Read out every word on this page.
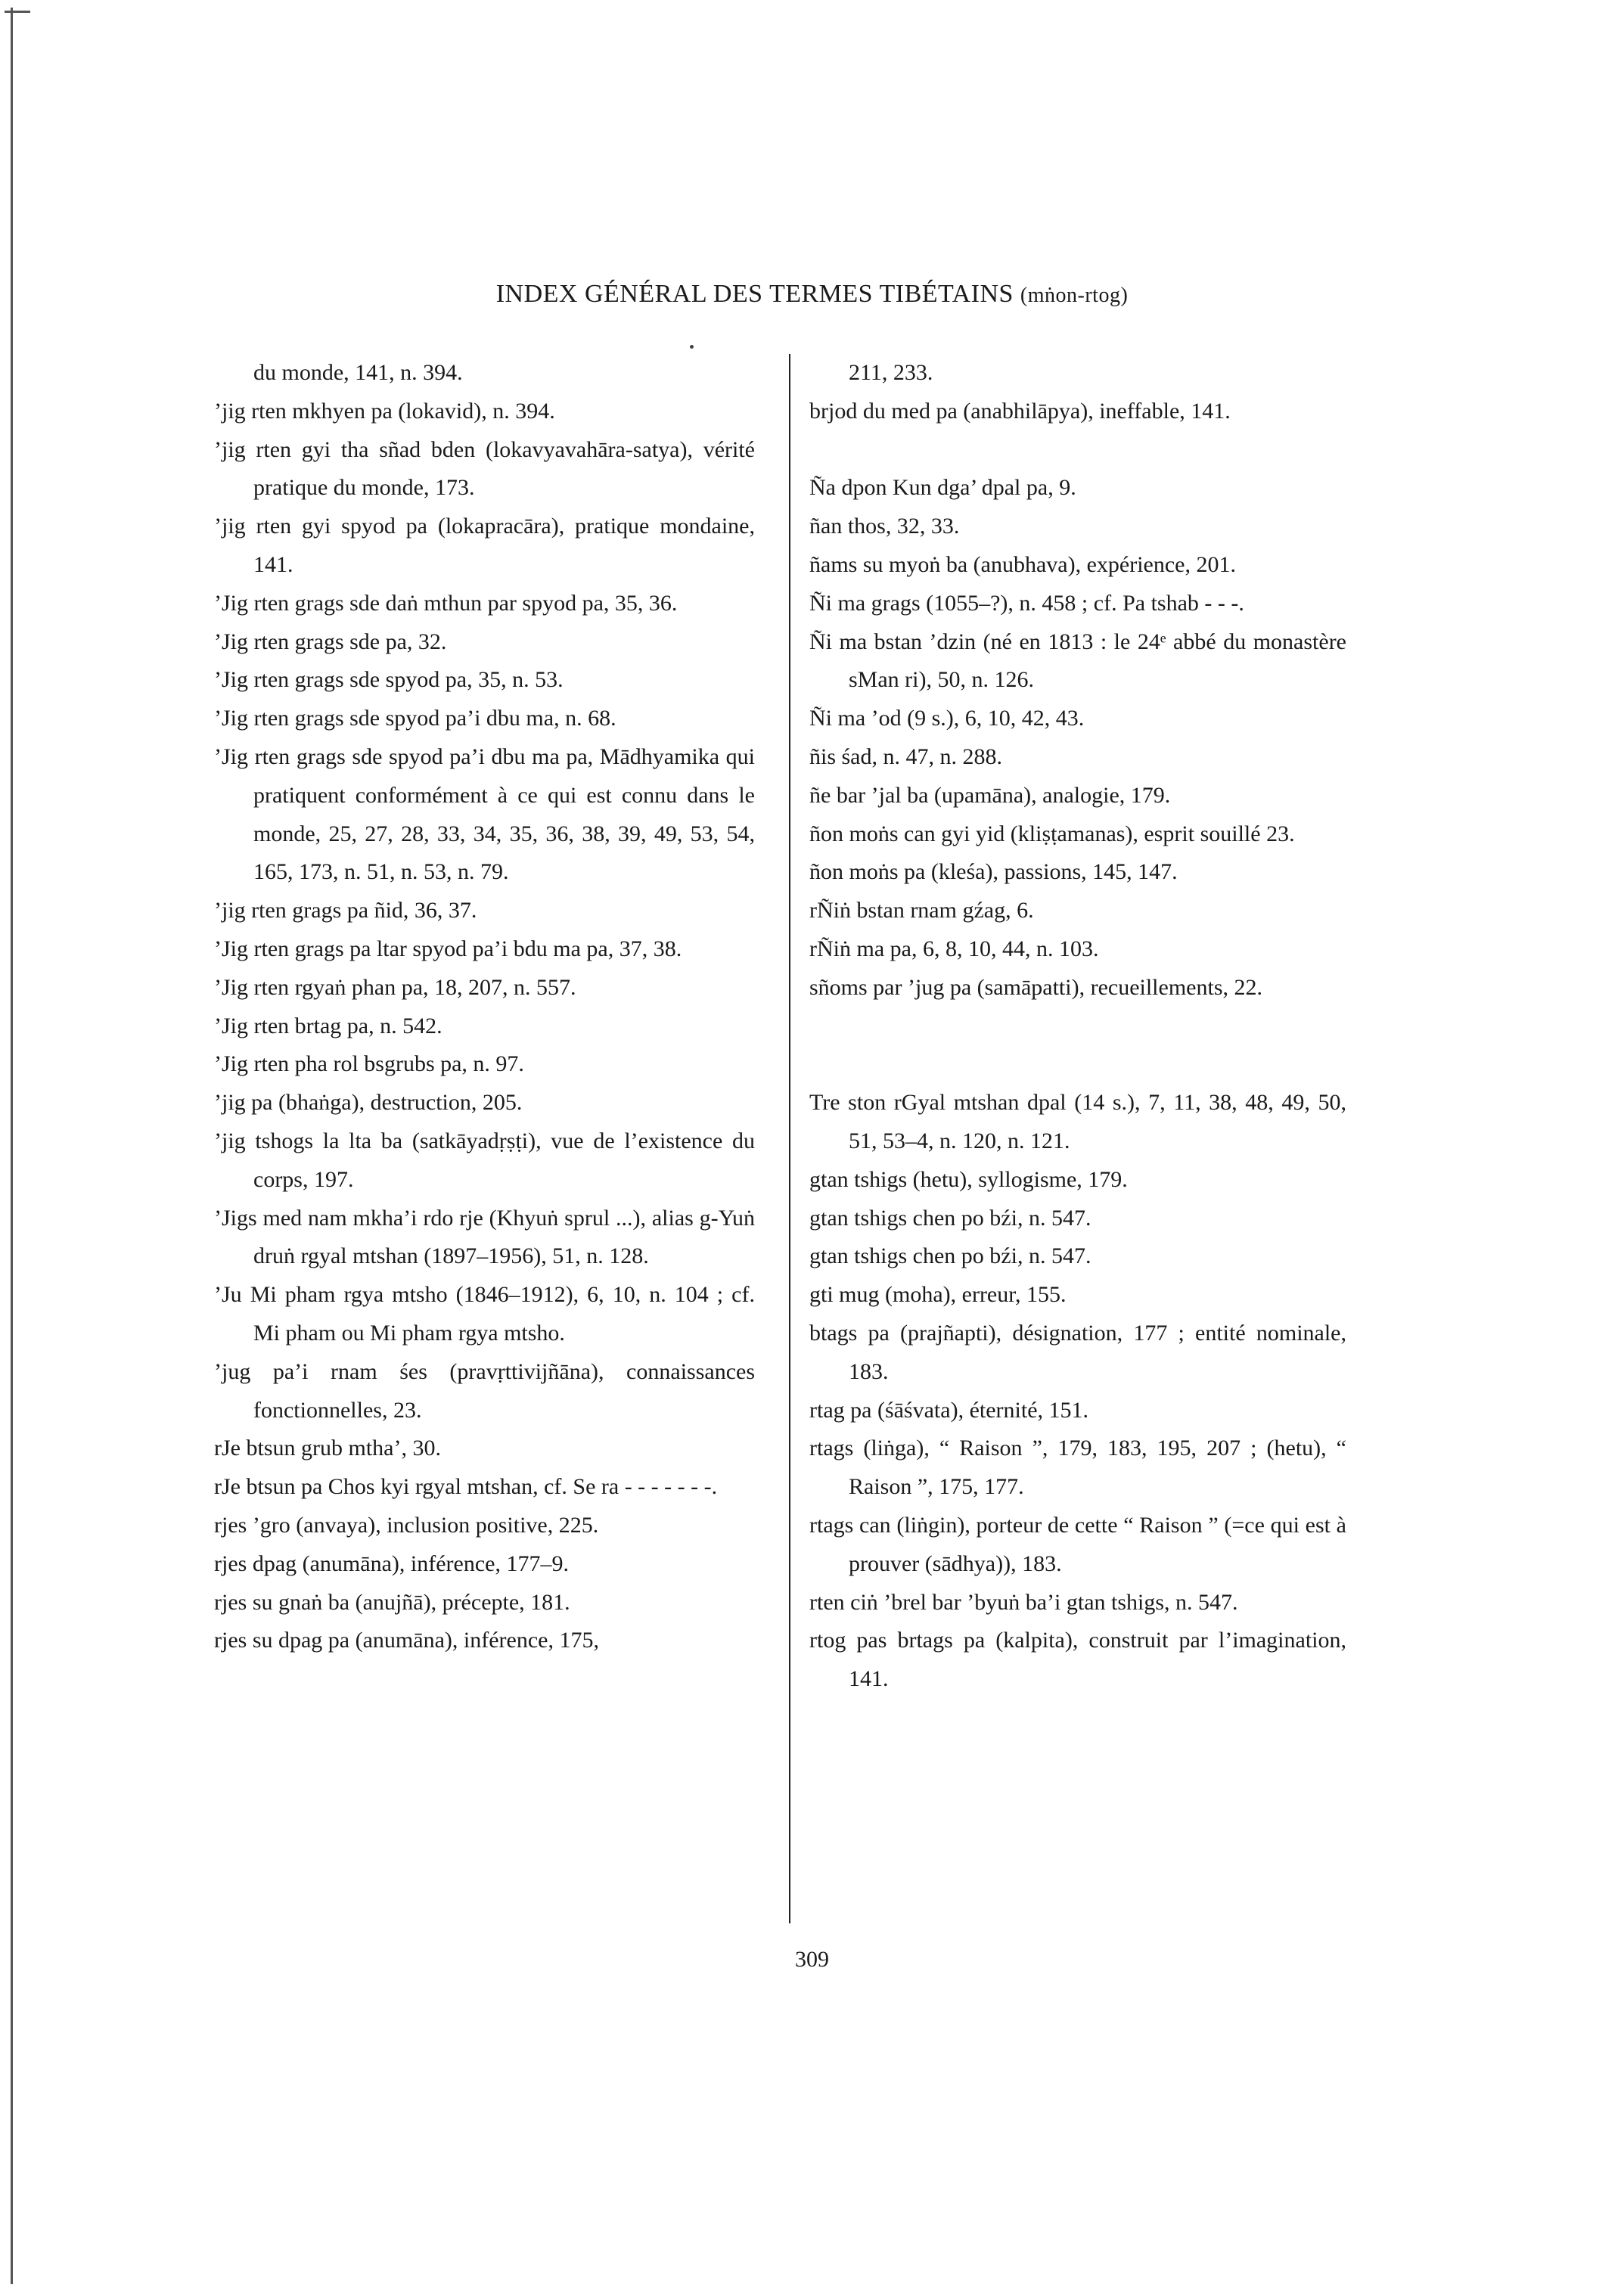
INDEX GÉNÉRAL DES TERMES TIBÉTAINS (mṅon-rtog)
du monde, 141, n. 394.
’jig rten mkhyen pa (lokavid), n. 394.
’jig rten gyi tha sñad bden (lokavyavahāra-satya), vérité pratique du monde, 173.
’jig rten gyi spyod pa (lokapracāra), pratique mondaine, 141.
’Jig rten grags sde daṅ mthun par spyod pa, 35, 36.
’Jig rten grags sde pa, 32.
’Jig rten grags sde spyod pa, 35, n. 53.
’Jig rten grags sde spyod pa’i dbu ma, n. 68.
’Jig rten grags sde spyod pa’i dbu ma pa, Mādhyamika qui pratiquent conformément à ce qui est connu dans le monde, 25, 27, 28, 33, 34, 35, 36, 38, 39, 49, 53, 54, 165, 173, n. 51, n. 53, n. 79.
’jig rten grags pa ñid, 36, 37.
’Jig rten grags pa ltar spyod pa’i bdu ma pa, 37, 38.
’Jig rten rgyaṅ phan pa, 18, 207, n. 557.
’Jig rten brtag pa, n. 542.
’Jig rten pha rol bsgrubs pa, n. 97.
’jig pa (bhaṅga), destruction, 205.
’jig tshogs la lta ba (satkāyadṛṣṭi), vue de l’existence du corps, 197.
’Jigs med nam mkha’i rdo rje (Khyuṅ sprul ...), alias g-Yuṅ druṅ rgyal mtshan (1897–1956), 51, n. 128.
’Ju Mi pham rgya mtsho (1846–1912), 6, 10, n. 104 ; cf. Mi pham ou Mi pham rgya mtsho.
’jug pa’i rnam śes (pravṛttivijñāna), connaissances fonctionnelles, 23.
rJe btsun grub mtha’, 30.
rJe btsun pa Chos kyi rgyal mtshan, cf. Se ra - - - - - - -.
rjes ’gro (anvaya), inclusion positive, 225.
rjes dpag (anumāna), inférence, 177–9.
rjes su gnaṅ ba (anujñā), précepte, 181.
rjes su dpag pa (anumāna), inférence, 175,
211, 233.
brjod du med pa (anabhilāpya), ineffable, 141.
Ña dpon Kun dga’ dpal pa, 9.
ñan thos, 32, 33.
ñams su myoṅ ba (anubhava), expérience, 201.
Ñi ma grags (1055–?), n. 458 ; cf. Pa tshab - - -.
Ñi ma bstan ’dzin (né en 1813 : le 24ᵉ abbé du monastère sMan ri), 50, n. 126.
Ñi ma ’od (9 s.), 6, 10, 42, 43.
ñis śad, n. 47, n. 288.
ñe bar ’jal ba (upamāna), analogie, 179.
ñon moṅs can gyi yid (kliṣṭamanas), esprit souillé 23.
ñon moṅs pa (kleśa), passions, 145, 147.
rÑiṅ bstan rnam gźag, 6.
rÑiṅ ma pa, 6, 8, 10, 44, n. 103.
sñoms par ’jug pa (samāpatti), recueillements, 22.
Tre ston rGyal mtshan dpal (14 s.), 7, 11, 38, 48, 49, 50, 51, 53–4, n. 120, n. 121.
gtan tshigs (hetu), syllogisme, 179.
gtan tshigs chen po bźi, n. 547.
gtan tshigs chen po bźi, n. 547.
gti mug (moha), erreur, 155.
btags pa (prajñapti), désignation, 177 ; entité nominale, 183.
rtag pa (śāśvata), éternité, 151.
rtags (liṅga), “ Raison ”, 179, 183, 195, 207 ; (hetu), “ Raison ”, 175, 177.
rtags can (liṅgin), porteur de cette “ Raison ” (=ce qui est à prouver (sādhya)), 183.
rten ciṅ ’brel bar ’byuṅ ba’i gtan tshigs, n. 547.
rtog pas brtags pa (kalpita), construit par l’imagination, 141.
309
